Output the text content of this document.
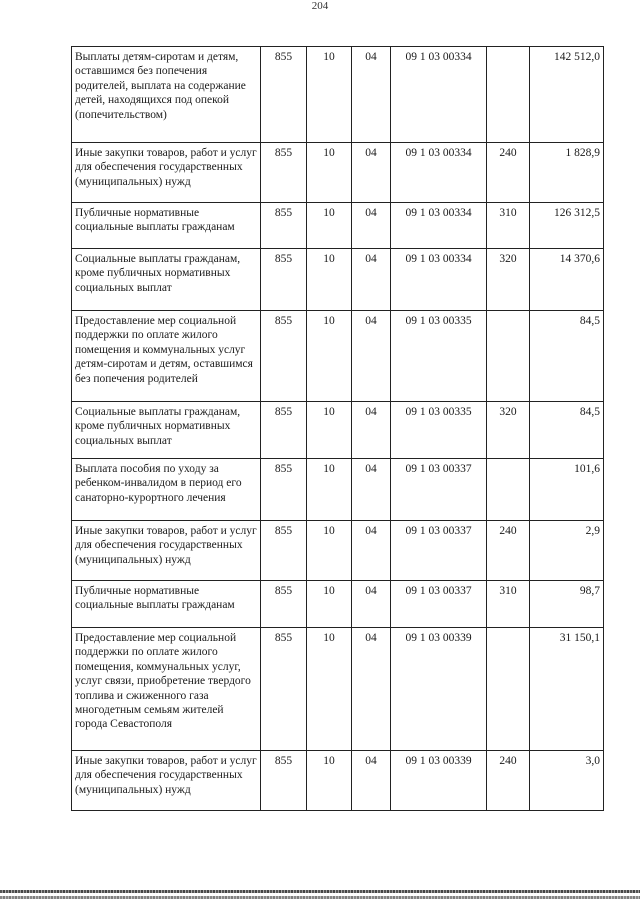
204
Выплаты детям-сиротам и детям, оставшимся без попечения родителей, выплата на содержание детей, находящихся под опекой (попечительством)	855	10	04	09 1 03 00334		142 512,0
Иные закупки товаров, работ и услуг для обеспечения государственных (муниципальных) нужд	855	10	04	09 1 03 00334	240	1 828,9
Публичные нормативные социальные выплаты гражданам	855	10	04	09 1 03 00334	310	126 312,5
Социальные выплаты гражданам, кроме публичных нормативных социальных выплат	855	10	04	09 1 03 00334	320	14 370,6
Предоставление мер социальной поддержки по оплате жилого помещения и коммунальных услуг детям-сиротам и детям, оставшимся без попечения родителей	855	10	04	09 1 03 00335		84,5
Социальные выплаты гражданам, кроме публичных нормативных социальных выплат	855	10	04	09 1 03 00335	320	84,5
Выплата пособия по уходу за ребенком-инвалидом в период его санаторно-курортного лечения	855	10	04	09 1 03 00337		101,6
Иные закупки товаров, работ и услуг для обеспечения государственных (муниципальных) нужд	855	10	04	09 1 03 00337	240	2,9
Публичные нормативные социальные выплаты гражданам	855	10	04	09 1 03 00337	310	98,7
Предоставление мер социальной поддержки по оплате жилого помещения, коммунальных услуг, услуг связи, приобретение твердого топлива и сжиженного газа многодетным семьям жителей города Севастополя	855	10	04	09 1 03 00339		31 150,1
Иные закупки товаров, работ и услуг для обеспечения государственных (муниципальных) нужд	855	10	04	09 1 03 00339	240	3,0
